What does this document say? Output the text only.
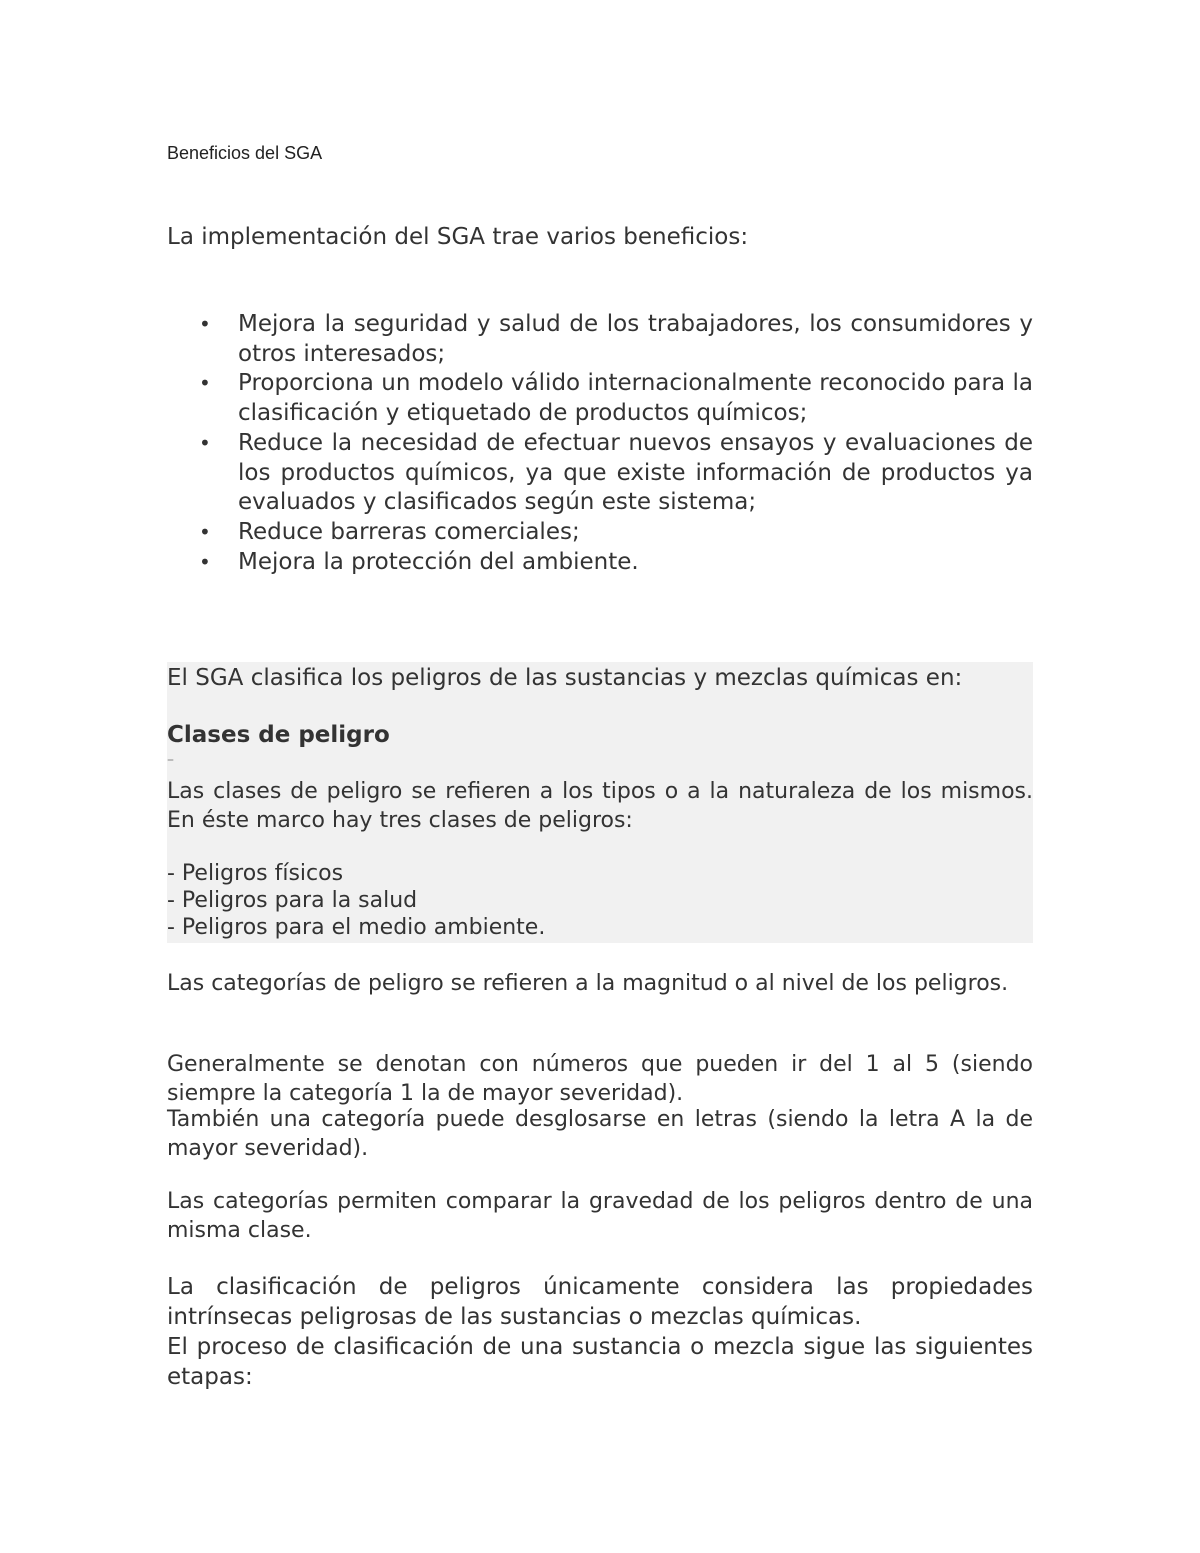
Beneficios del SGA
La implementación del SGA trae varios beneficios:
• Mejora la seguridad y salud de los trabajadores, los consumidores y otros interesados;
• Proporciona un modelo válido internacionalmente reconocido para la clasificación y etiquetado de productos químicos;
• Reduce la necesidad de efectuar nuevos ensayos y evaluaciones de los productos químicos, ya que existe información de productos ya evaluados y clasificados según este sistema;
• Reduce barreras comerciales;
• Mejora la protección del ambiente.
El SGA clasifica los peligros de las sustancias y mezclas químicas en:
Clases de peligro
–
Las clases de peligro se refieren a los tipos o a la naturaleza de los mismos. En éste marco hay tres clases de peligros:
- Peligros físicos
- Peligros para la salud
- Peligros para el medio ambiente.
Las categorías de peligro se refieren a la magnitud o al nivel de los peligros.
Generalmente se denotan con números que pueden ir del 1 al 5 (siendo siempre la categoría 1 la de mayor severidad).
También una categoría puede desglosarse en letras (siendo la letra A la de mayor severidad).
Las categorías permiten comparar la gravedad de los peligros dentro de una misma clase.
La clasificación de peligros únicamente considera las propiedades intrínsecas peligrosas de las sustancias o mezclas químicas.
El proceso de clasificación de una sustancia o mezcla sigue las siguientes etapas:
